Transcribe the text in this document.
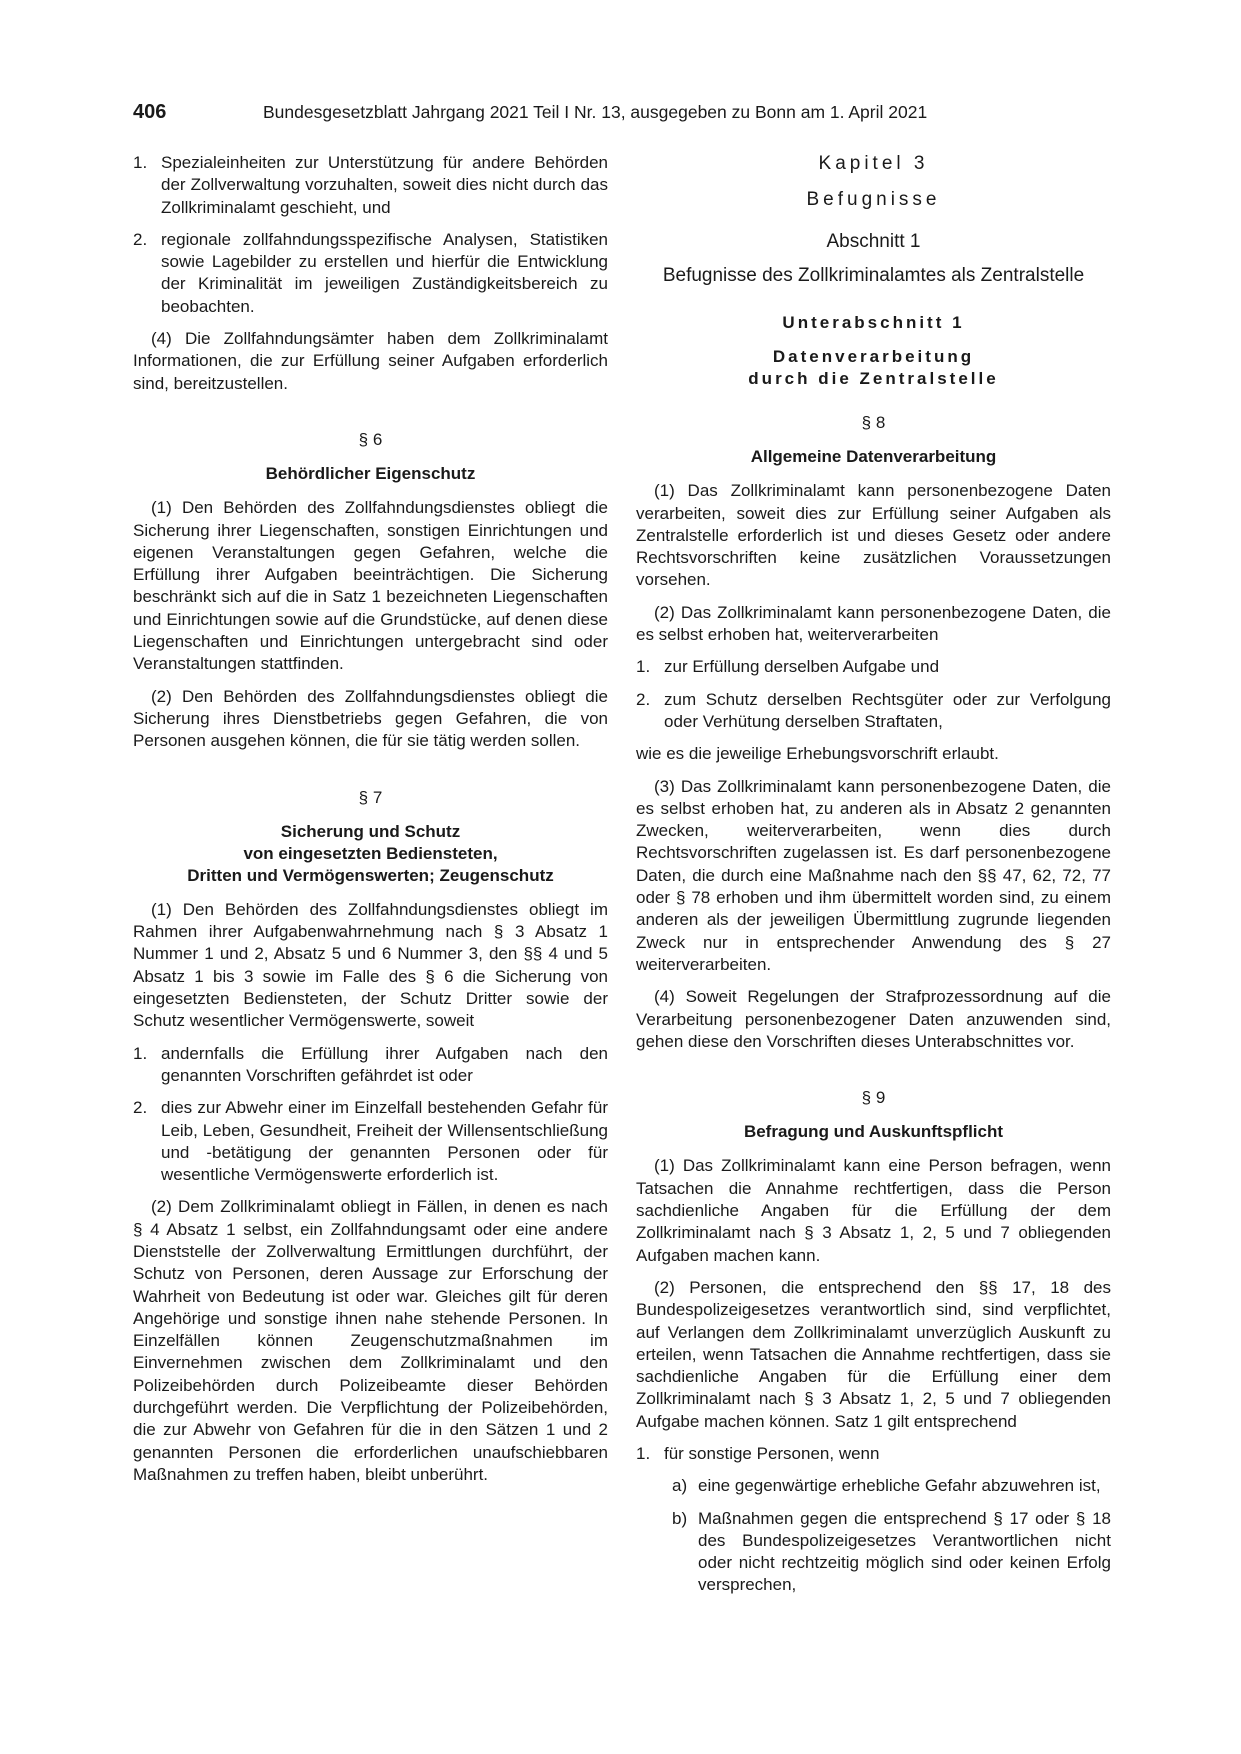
406	Bundesgesetzblatt Jahrgang 2021 Teil I Nr. 13, ausgegeben zu Bonn am 1. April 2021
1. Spezialeinheiten zur Unterstützung für andere Behörden der Zollverwaltung vorzuhalten, soweit dies nicht durch das Zollkriminalamt geschieht, und
2. regionale zollfahndungsspezifische Analysen, Statistiken sowie Lagebilder zu erstellen und hierfür die Entwicklung der Kriminalität im jeweiligen Zuständigkeitsbereich zu beobachten.

(4) Die Zollfahndungsämter haben dem Zollkriminalamt Informationen, die zur Erfüllung seiner Aufgaben erforderlich sind, bereitzustellen.

§ 6
Behördlicher Eigenschutz

(1) Den Behörden des Zollfahndungsdienstes obliegt die Sicherung ihrer Liegenschaften, sonstigen Einrichtungen und eigenen Veranstaltungen gegen Gefahren, welche die Erfüllung ihrer Aufgaben beeinträchtigen. Die Sicherung beschränkt sich auf die in Satz 1 bezeichneten Liegenschaften und Einrichtungen sowie auf die Grundstücke, auf denen diese Liegenschaften und Einrichtungen untergebracht sind oder Veranstaltungen stattfinden.

(2) Den Behörden des Zollfahndungsdienstes obliegt die Sicherung ihres Dienstbetriebs gegen Gefahren, die von Personen ausgehen können, die für sie tätig werden sollen.

§ 7
Sicherung und Schutz
von eingesetzten Bediensteten,
Dritten und Vermögenswerten; Zeugenschutz

(1) Den Behörden des Zollfahndungsdienstes obliegt im Rahmen ihrer Aufgabenwahrnehmung nach § 3 Absatz 1 Nummer 1 und 2, Absatz 5 und 6 Nummer 3, den §§ 4 und 5 Absatz 1 bis 3 sowie im Falle des § 6 die Sicherung von eingesetzten Bediensteten, der Schutz Dritter sowie der Schutz wesentlicher Vermögenswerte, soweit

1. andernfalls die Erfüllung ihrer Aufgaben nach den genannten Vorschriften gefährdet ist oder
2. dies zur Abwehr einer im Einzelfall bestehenden Gefahr für Leib, Leben, Gesundheit, Freiheit der Willensentschließung und -betätigung der genannten Personen oder für wesentliche Vermögenswerte erforderlich ist.

(2) Dem Zollkriminalamt obliegt in Fällen, in denen es nach § 4 Absatz 1 selbst, ein Zollfahndungsamt oder eine andere Dienststelle der Zollverwaltung Ermittlungen durchführt, der Schutz von Personen, deren Aussage zur Erforschung der Wahrheit von Bedeutung ist oder war. Gleiches gilt für deren Angehörige und sonstige ihnen nahe stehende Personen. In Einzelfällen können Zeugenschutzmaßnahmen im Einvernehmen zwischen dem Zollkriminalamt und den Polizeibehörden durch Polizeibeamte dieser Behörden durchgeführt werden. Die Verpflichtung der Polizeibehörden, die zur Abwehr von Gefahren für die in den Sätzen 1 und 2 genannten Personen die erforderlichen unaufschiebbaren Maßnahmen zu treffen haben, bleibt unberührt.

Kapitel 3
Befugnisse
Abschnitt 1
Befugnisse des Zollkriminalamtes als Zentralstelle
Unterabschnitt 1
Datenverarbeitung
durch die Zentralstelle
§ 8
Allgemeine Datenverarbeitung

(1) Das Zollkriminalamt kann personenbezogene Daten verarbeiten, soweit dies zur Erfüllung seiner Aufgaben als Zentralstelle erforderlich ist und dieses Gesetz oder andere Rechtsvorschriften keine zusätzlichen Voraussetzungen vorsehen.

(2) Das Zollkriminalamt kann personenbezogene Daten, die es selbst erhoben hat, weiterverarbeiten

1. zur Erfüllung derselben Aufgabe und
2. zum Schutz derselben Rechtsgüter oder zur Verfolgung oder Verhütung derselben Straftaten,

wie es die jeweilige Erhebungsvorschrift erlaubt.

(3) Das Zollkriminalamt kann personenbezogene Daten, die es selbst erhoben hat, zu anderen als in Absatz 2 genannten Zwecken, weiterverarbeiten, wenn dies durch Rechtsvorschriften zugelassen ist. Es darf personenbezogene Daten, die durch eine Maßnahme nach den §§ 47, 62, 72, 77 oder § 78 erhoben und ihm übermittelt worden sind, zu einem anderen als der jeweiligen Übermittlung zugrunde liegenden Zweck nur in entsprechender Anwendung des § 27 weiterverarbeiten.

(4) Soweit Regelungen der Strafprozessordnung auf die Verarbeitung personenbezogener Daten anzuwenden sind, gehen diese den Vorschriften dieses Unterabschnittes vor.

§ 9
Befragung und Auskunftspflicht

(1) Das Zollkriminalamt kann eine Person befragen, wenn Tatsachen die Annahme rechtfertigen, dass die Person sachdienliche Angaben für die Erfüllung der dem Zollkriminalamt nach § 3 Absatz 1, 2, 5 und 7 obliegenden Aufgaben machen kann.

(2) Personen, die entsprechend den §§ 17, 18 des Bundespolizeigesetzes verantwortlich sind, sind verpflichtet, auf Verlangen dem Zollkriminalamt unverzüglich Auskunft zu erteilen, wenn Tatsachen die Annahme rechtfertigen, dass sie sachdienliche Angaben für die Erfüllung einer dem Zollkriminalamt nach § 3 Absatz 1, 2, 5 und 7 obliegenden Aufgabe machen können. Satz 1 gilt entsprechend

1. für sonstige Personen, wenn
a) eine gegenwärtige erhebliche Gefahr abzuwehren ist,
b) Maßnahmen gegen die entsprechend § 17 oder § 18 des Bundespolizeigesetzes Verantwortlichen nicht oder nicht rechtzeitig möglich sind oder keinen Erfolg versprechen,
